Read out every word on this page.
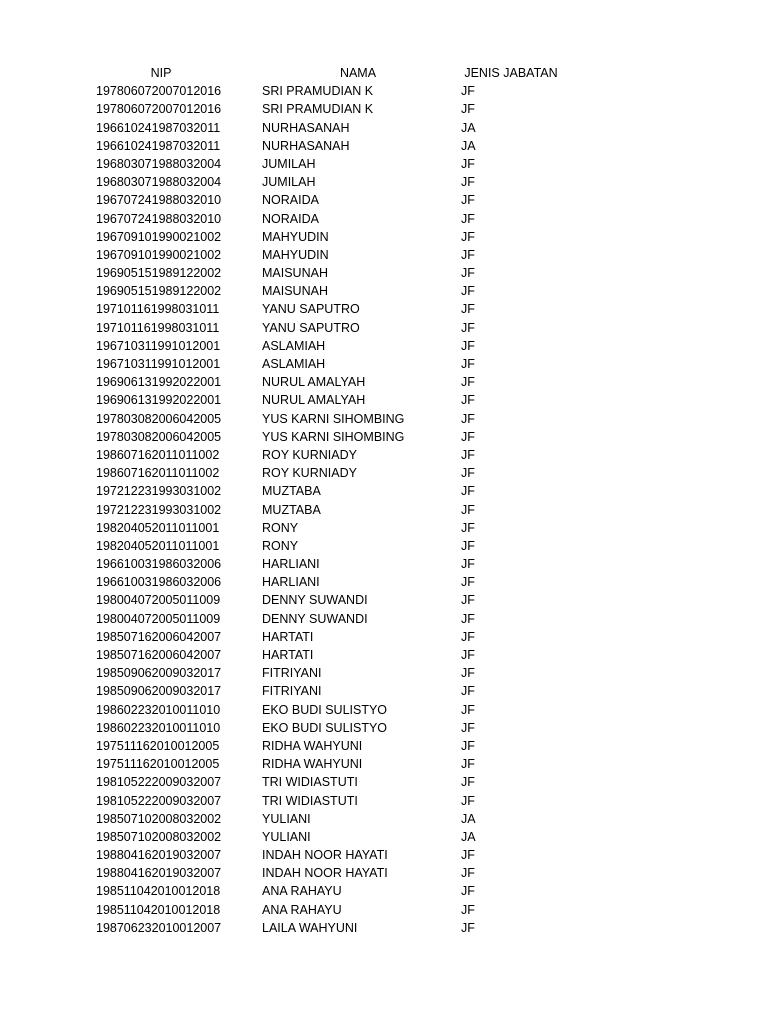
NIP	NAMA	JENIS JABATAN
197806072007012016	SRI PRAMUDIAN K	JF
197806072007012016	SRI PRAMUDIAN K	JF
196610241987032011	NURHASANAH	JA
196610241987032011	NURHASANAH	JA
196803071988032004	JUMILAH	JF
196803071988032004	JUMILAH	JF
196707241988032010	NORAIDA	JF
196707241988032010	NORAIDA	JF
196709101990021002	MAHYUDIN	JF
196709101990021002	MAHYUDIN	JF
196905151989122002	MAISUNAH	JF
196905151989122002	MAISUNAH	JF
197101161998031011	YANU SAPUTRO	JF
197101161998031011	YANU SAPUTRO	JF
196710311991012001	ASLAMIAH	JF
196710311991012001	ASLAMIAH	JF
196906131992022001	NURUL AMALYAH	JF
196906131992022001	NURUL AMALYAH	JF
197803082006042005	YUS KARNI SIHOMBING	JF
197803082006042005	YUS KARNI SIHOMBING	JF
198607162011011002	ROY KURNIADY	JF
198607162011011002	ROY KURNIADY	JF
197212231993031002	MUZTABA	JF
197212231993031002	MUZTABA	JF
198204052011011001	RONY	JF
198204052011011001	RONY	JF
196610031986032006	HARLIANI	JF
196610031986032006	HARLIANI	JF
198004072005011009	DENNY SUWANDI	JF
198004072005011009	DENNY SUWANDI	JF
198507162006042007	HARTATI	JF
198507162006042007	HARTATI	JF
198509062009032017	FITRIYANI	JF
198509062009032017	FITRIYANI	JF
198602232010011010	EKO BUDI SULISTYO	JF
198602232010011010	EKO BUDI SULISTYO	JF
197511162010012005	RIDHA WAHYUNI	JF
197511162010012005	RIDHA WAHYUNI	JF
198105222009032007	TRI WIDIASTUTI	JF
198105222009032007	TRI WIDIASTUTI	JF
198507102008032002	YULIANI	JA
198507102008032002	YULIANI	JA
198804162019032007	INDAH NOOR HAYATI	JF
198804162019032007	INDAH NOOR HAYATI	JF
198511042010012018	ANA RAHAYU	JF
198511042010012018	ANA RAHAYU	JF
198706232010012007	LAILA WAHYUNI	JF
